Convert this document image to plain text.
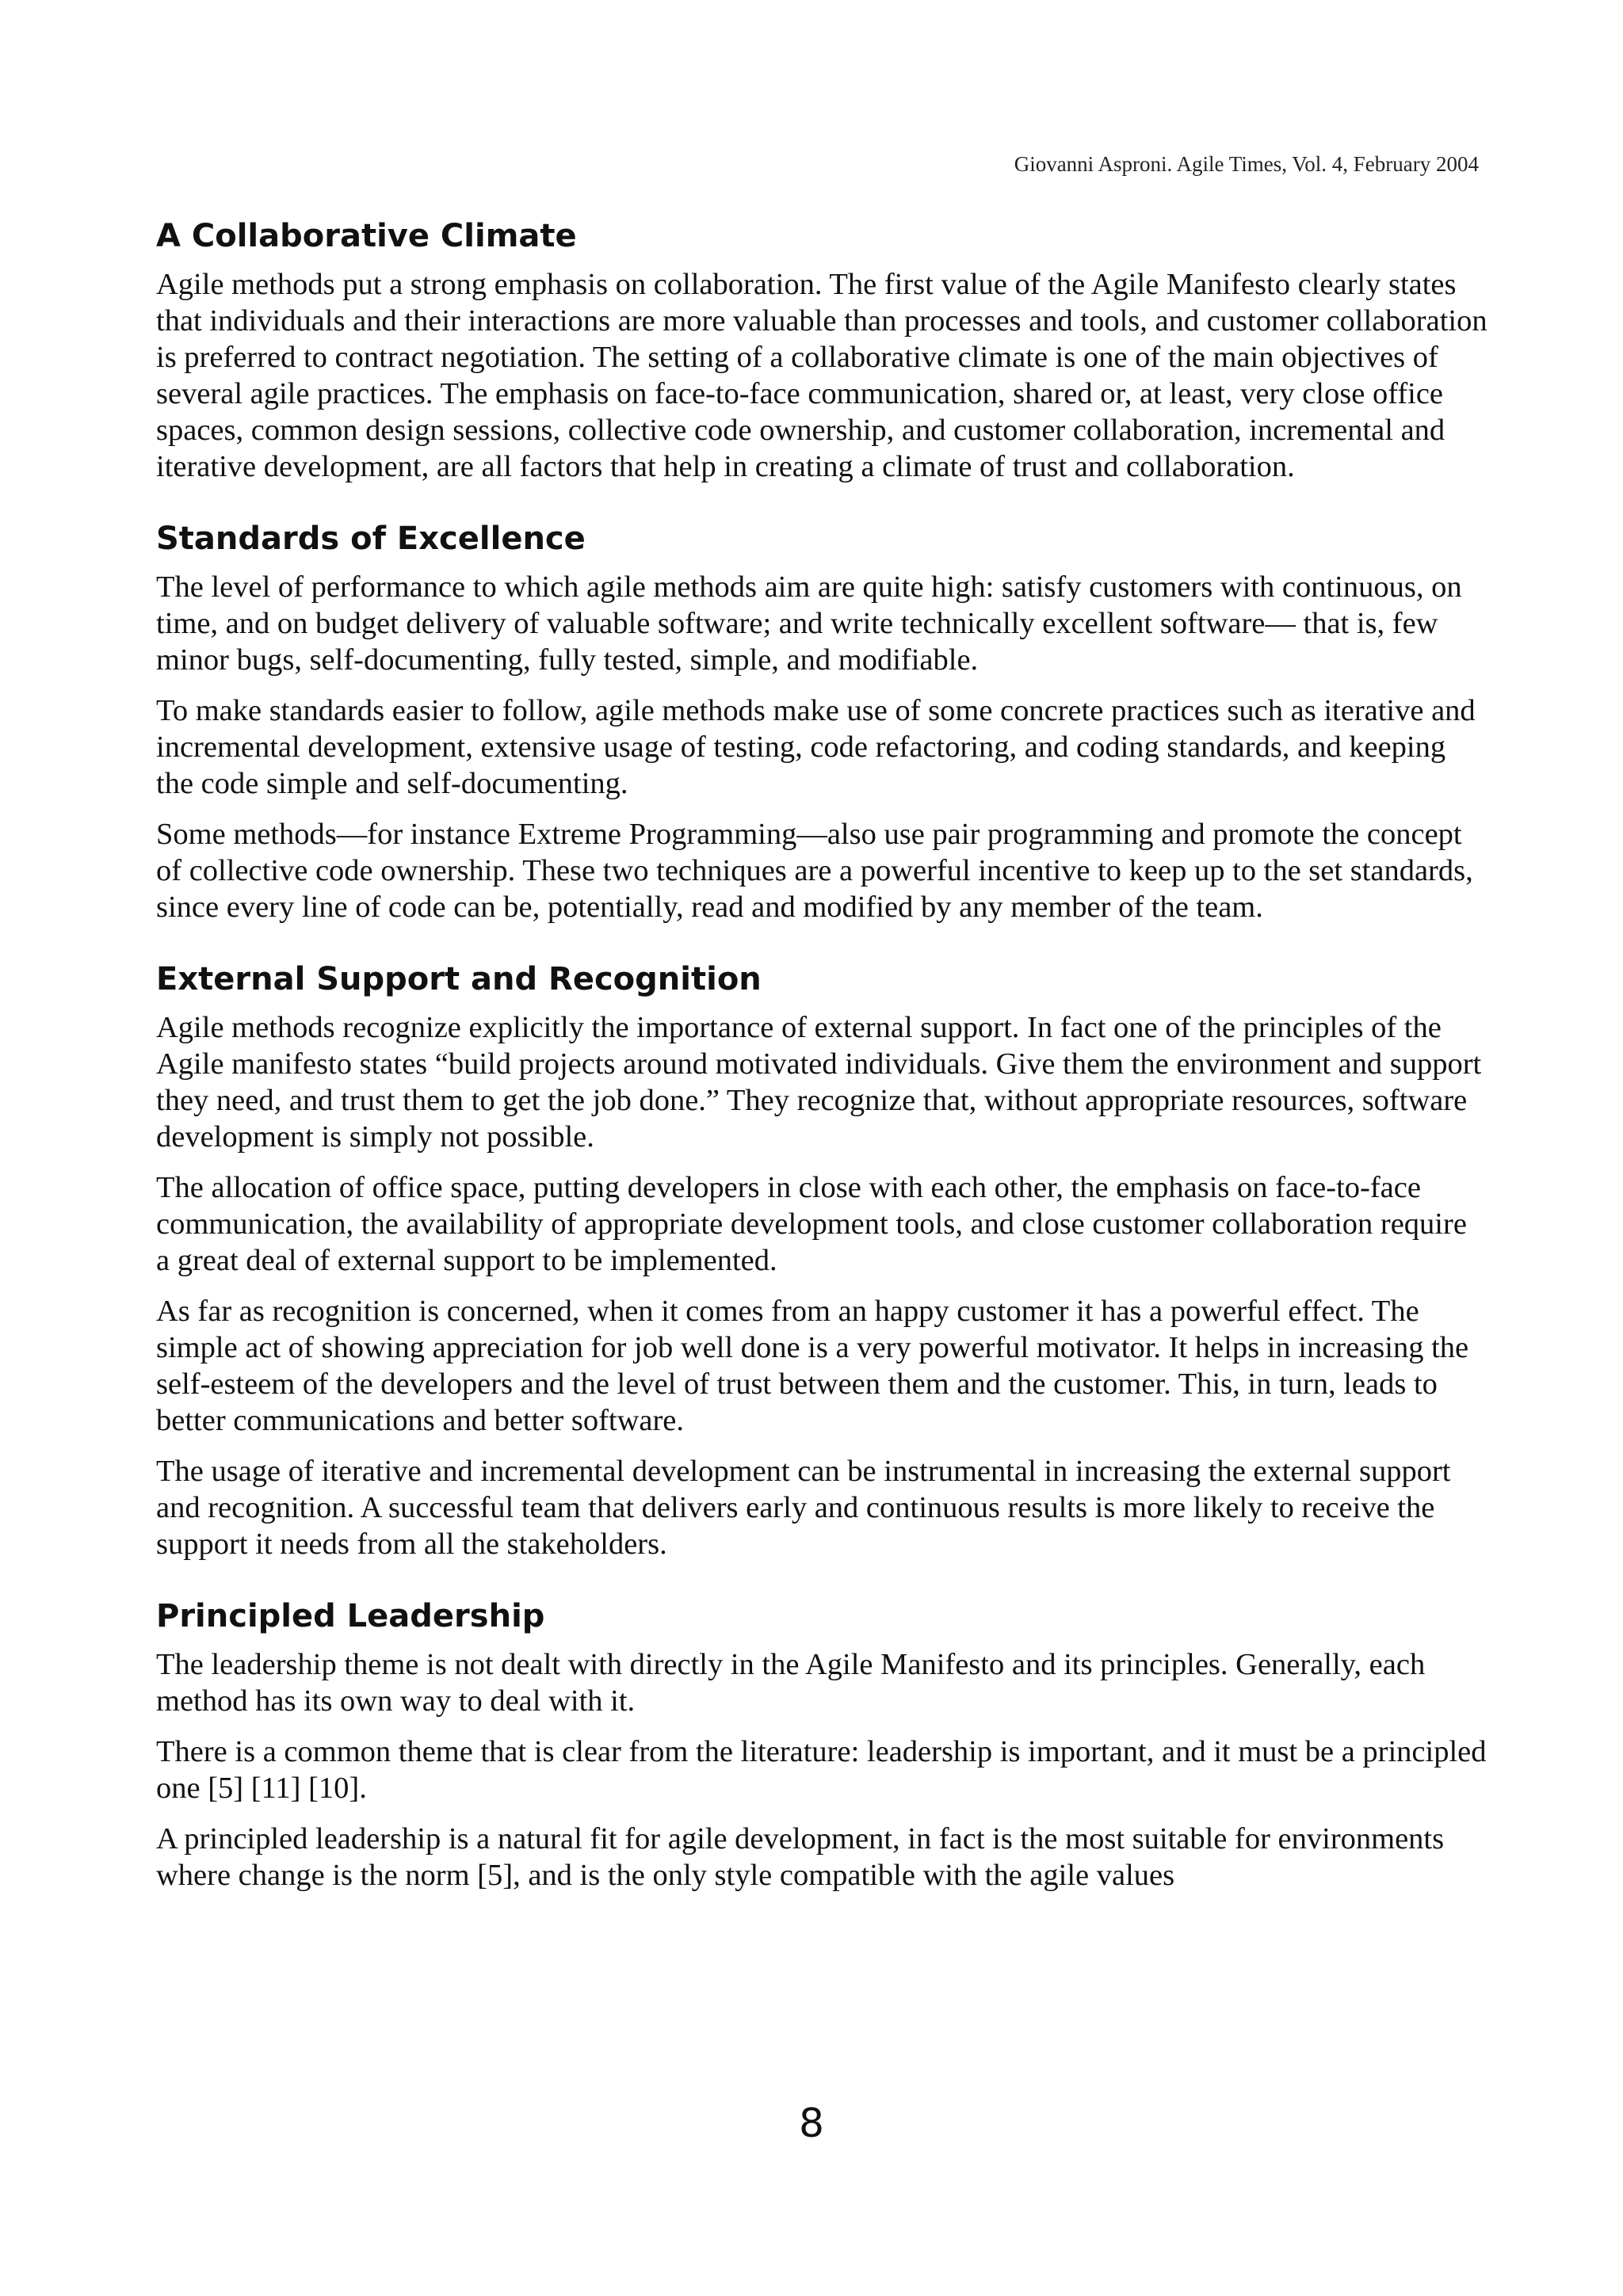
Giovanni Asproni. Agile Times, Vol. 4, February 2004
A Collaborative Climate

Agile methods put a strong emphasis on collaboration. The first value of the Agile Manifesto clearly states that individuals and their interactions are more valuable than processes and tools, and customer collaboration is preferred to contract negotiation. The setting of a collaborative climate is one of the main objectives of several agile practices. The emphasis on face-to-face communication, shared or, at least, very close office spaces, common design sessions, collective code ownership, and customer collaboration, incremental and iterative development, are all factors that help in creating a climate of trust and collaboration.

Standards of Excellence

The level of performance to which agile methods aim are quite high: satisfy customers with continuous, on time, and on budget delivery of valuable software; and write technically excellent software— that is, few minor bugs, self-documenting, fully tested, simple, and modifiable.

To make standards easier to follow, agile methods make use of some concrete practices such as iterative and incremental development, extensive usage of testing, code refactoring, and coding standards, and keeping the code simple and self-documenting.

Some methods—for instance Extreme Programming—also use pair programming and promote the concept of collective code ownership. These two techniques are a powerful incentive to keep up to the set standards, since every line of code can be, potentially, read and modified by any member of the team.

External Support and Recognition

Agile methods recognize explicitly the importance of external support. In fact one of the principles of the Agile manifesto states “build projects around motivated individuals. Give them the environment and support they need, and trust them to get the job done.” They recognize that, without appropriate resources, software development is simply not possible.

The allocation of office space, putting developers in close with each other, the emphasis on face-to-face communication, the availability of appropriate development tools, and close customer collaboration require a great deal of external support to be implemented.

As far as recognition is concerned, when it comes from an happy customer it has a powerful effect. The simple act of showing appreciation for job well done is a very powerful motivator. It helps in increasing the self-esteem of the developers and the level of trust between them and the customer. This, in turn, leads to better communications and better software.

The usage of iterative and incremental development can be instrumental in increasing the external support and recognition. A successful team that delivers early and continuous results is more likely to receive the support it needs from all the stakeholders.

Principled Leadership

The leadership theme is not dealt with directly in the Agile Manifesto and its principles. Generally, each method has its own way to deal with it.

There is a common theme that is clear from the literature: leadership is important, and it must be a principled one [5] [11] [10].

A principled leadership is a natural fit for agile development, in fact is the most suitable for environments where change is the norm [5], and is the only style compatible with the agile values

8
